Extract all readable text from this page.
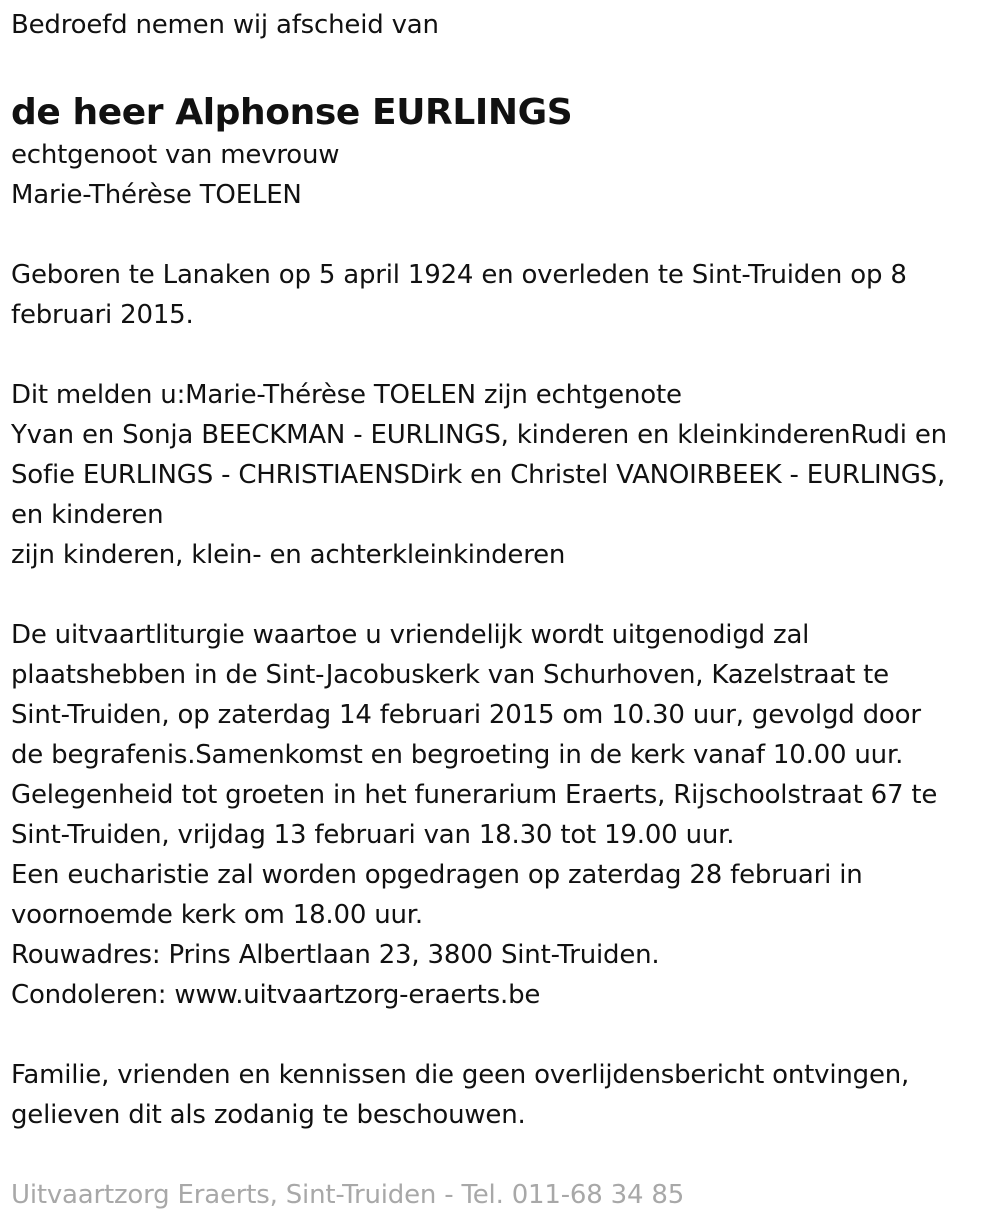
Bedroefd nemen wij afscheid van
de heer Alphonse EURLINGS
echtgenoot van mevrouw
Marie-Thérèse TOELEN
Geboren te Lanaken op 5 april 1924 en overleden te Sint-Truiden op 8
februari 2015.
Dit melden u:Marie-Thérèse TOELEN zijn echtgenote
Yvan en Sonja BEECKMAN - EURLINGS, kinderen en kleinkinderenRudi en
Sofie EURLINGS - CHRISTIAENSDirk en Christel VANOIRBEEK - EURLINGS,
en kinderen
zijn kinderen, klein- en achterkleinkinderen
De uitvaartliturgie waartoe u vriendelijk wordt uitgenodigd zal
plaatshebben in de Sint-Jacobuskerk van Schurhoven, Kazelstraat te
Sint-Truiden, op zaterdag 14 februari 2015 om 10.30 uur, gevolgd door
de begrafenis.Samenkomst en begroeting in de kerk vanaf 10.00 uur.
Gelegenheid tot groeten in het funerarium Eraerts, Rijschoolstraat 67 te
Sint-Truiden, vrijdag 13 februari van 18.30 tot 19.00 uur.
Een eucharistie zal worden opgedragen op zaterdag 28 februari in
voornoemde kerk om 18.00 uur.
Rouwadres: Prins Albertlaan 23, 3800 Sint-Truiden.
Condoleren: www.uitvaartzorg-eraerts.be
Familie, vrienden en kennissen die geen overlijdensbericht ontvingen,
gelieven dit als zodanig te beschouwen.
Uitvaartzorg Eraerts, Sint-Truiden - Tel. 011-68 34 85
